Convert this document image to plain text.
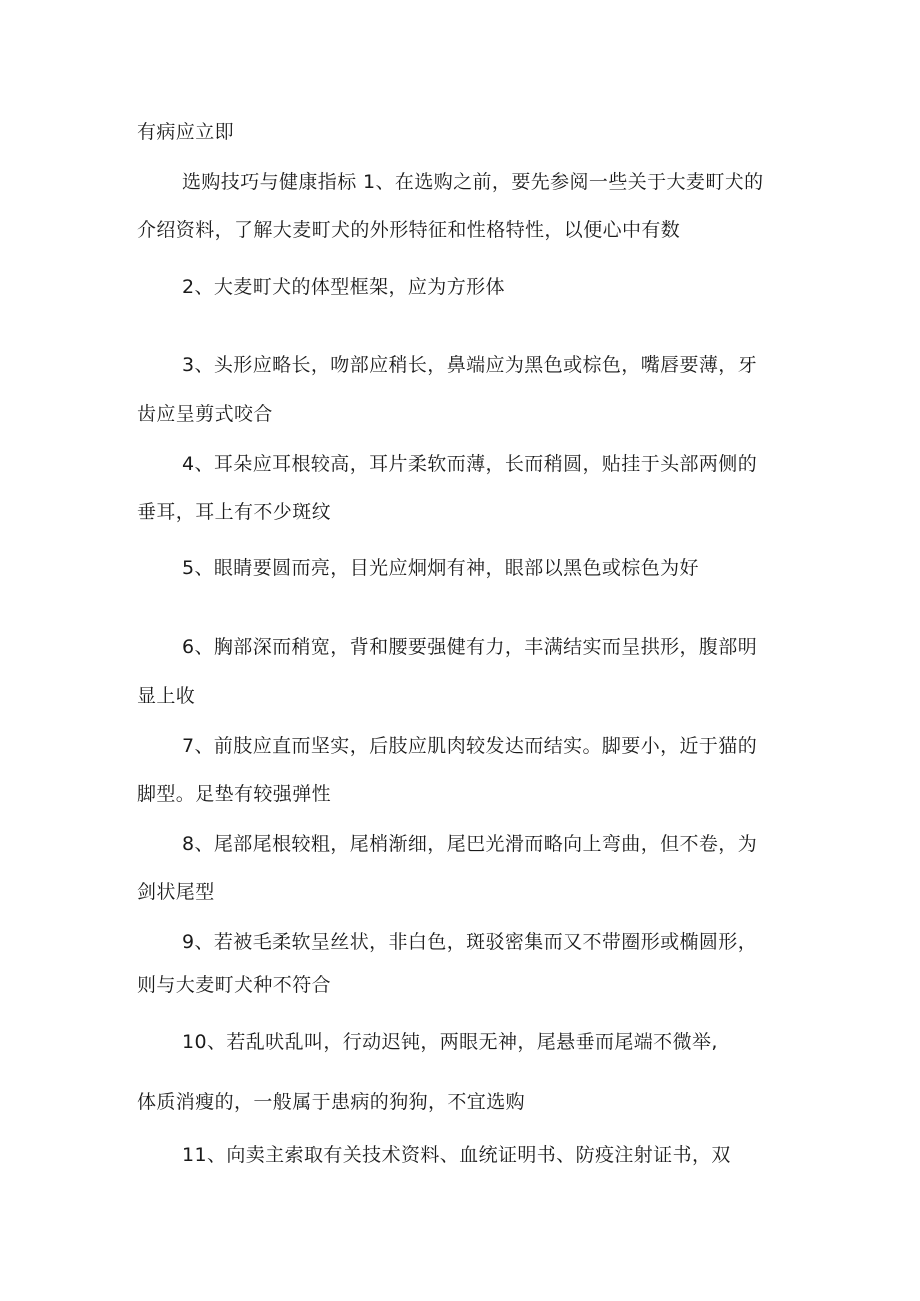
有病应立即

选购技巧与健康指标 1、在选购之前，要先参阅一些关于大麦町犬的

介绍资料，了解大麦町犬的外形特征和性格特性，以便心中有数

2、大麦町犬的体型框架，应为方形体

3、头形应略长，吻部应稍长，鼻端应为黑色或棕色，嘴唇要薄，牙

齿应呈剪式咬合

4、耳朵应耳根较高，耳片柔软而薄，长而稍圆，贴挂于头部两侧的

垂耳，耳上有不少斑纹

5、眼睛要圆而亮，目光应炯炯有神，眼部以黑色或棕色为好

6、胸部深而稍宽，背和腰要强健有力，丰满结实而呈拱形，腹部明

显上收

7、前肢应直而坚实，后肢应肌肉较发达而结实。脚要小，近于猫的

脚型。足垫有较强弹性

8、尾部尾根较粗，尾梢渐细，尾巴光滑而略向上弯曲，但不卷，为

剑状尾型

9、若被毛柔软呈丝状，非白色，斑驳密集而又不带圈形或椭圆形，

则与大麦町犬种不符合

10、若乱吠乱叫，行动迟钝，两眼无神，尾悬垂而尾端不微举,

体质消瘦的，一般属于患病的狗狗，不宜选购

11、向卖主索取有关技术资料、血统证明书、防疫注射证书，双
